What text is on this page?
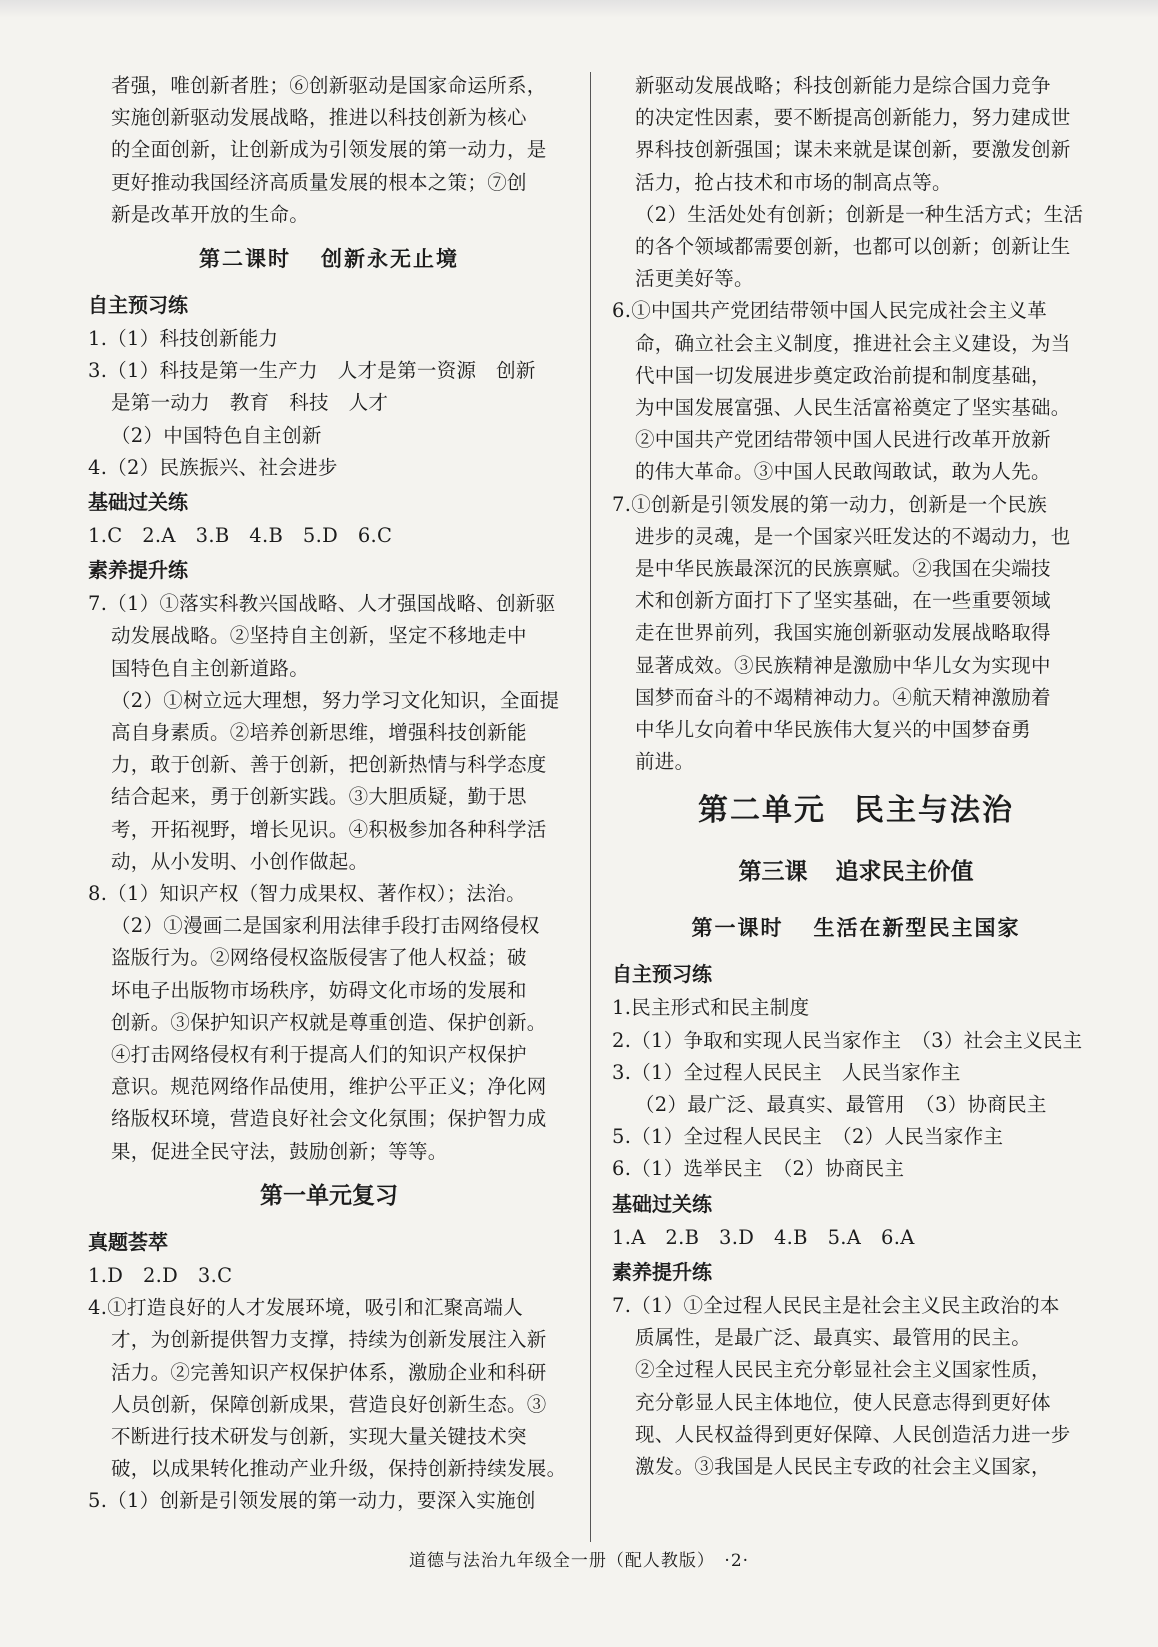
者强，唯创新者胜；⑥创新驱动是国家命运所系，
实施创新驱动发展战略，推进以科技创新为核心
的全面创新，让创新成为引领发展的第一动力，是
更好推动我国经济高质量发展的根本之策；⑦创
新是改革开放的生命。
第二课时 创新永无止境
自主预习练
1.（1）科技创新能力
3.（1）科技是第一生产力　人才是第一资源　创新
是第一动力　教育　科技　人才
（2）中国特色自主创新
4.（2）民族振兴、社会进步
基础过关练
1.C　2.A　3.B　4.B　5.D　6.C
素养提升练
7.（1）①落实科教兴国战略、人才强国战略、创新驱
动发展战略。②坚持自主创新，坚定不移地走中
国特色自主创新道路。
（2）①树立远大理想，努力学习文化知识，全面提
高自身素质。②培养创新思维，增强科技创新能
力，敢于创新、善于创新，把创新热情与科学态度
结合起来，勇于创新实践。③大胆质疑，勤于思
考，开拓视野，增长见识。④积极参加各种科学活
动，从小发明、小创作做起。
8.（1）知识产权（智力成果权、著作权）；法治。
（2）①漫画二是国家利用法律手段打击网络侵权
盗版行为。②网络侵权盗版侵害了他人权益；破
坏电子出版物市场秩序，妨碍文化市场的发展和
创新。③保护知识产权就是尊重创造、保护创新。
④打击网络侵权有利于提高人们的知识产权保护
意识。规范网络作品使用，维护公平正义；净化网
络版权环境，营造良好社会文化氛围；保护智力成
果，促进全民守法，鼓励创新；等等。
第一单元复习
真题荟萃
1.D　2.D　3.C
4.①打造良好的人才发展环境，吸引和汇聚高端人
才，为创新提供智力支撑，持续为创新发展注入新
活力。②完善知识产权保护体系，激励企业和科研
人员创新，保障创新成果，营造良好创新生态。③
不断进行技术研发与创新，实现大量关键技术突
破，以成果转化推动产业升级，保持创新持续发展。
5.（1）创新是引领发展的第一动力，要深入实施创
新驱动发展战略；科技创新能力是综合国力竞争
的决定性因素，要不断提高创新能力，努力建成世
界科技创新强国；谋未来就是谋创新，要激发创新
活力，抢占技术和市场的制高点等。
（2）生活处处有创新；创新是一种生活方式；生活
的各个领域都需要创新，也都可以创新；创新让生
活更美好等。
6.①中国共产党团结带领中国人民完成社会主义革
命，确立社会主义制度，推进社会主义建设，为当
代中国一切发展进步奠定政治前提和制度基础，
为中国发展富强、人民生活富裕奠定了坚实基础。
②中国共产党团结带领中国人民进行改革开放新
的伟大革命。③中国人民敢闯敢试，敢为人先。
7.①创新是引领发展的第一动力，创新是一个民族
进步的灵魂，是一个国家兴旺发达的不竭动力，也
是中华民族最深沉的民族禀赋。②我国在尖端技
术和创新方面打下了坚实基础，在一些重要领域
走在世界前列，我国实施创新驱动发展战略取得
显著成效。③民族精神是激励中华儿女为实现中
国梦而奋斗的不竭精神动力。④航天精神激励着
中华儿女向着中华民族伟大复兴的中国梦奋勇
前进。
第二单元 民主与法治
第三课 追求民主价值
第一课时 生活在新型民主国家
自主预习练
1.民主形式和民主制度
2.（1）争取和实现人民当家作主　（3）社会主义民主
3.（1）全过程人民民主　人民当家作主
（2）最广泛、最真实、最管用　（3）协商民主
5.（1）全过程人民民主　（2）人民当家作主
6.（1）选举民主　（2）协商民主
基础过关练
1.A　2.B　3.D　4.B　5.A　6.A
素养提升练
7.（1）①全过程人民民主是社会主义民主政治的本
质属性，是最广泛、最真实、最管用的民主。
②全过程人民民主充分彰显社会主义国家性质，
充分彰显人民主体地位，使人民意志得到更好体
现、人民权益得到更好保障、人民创造活力进一步
激发。③我国是人民民主专政的社会主义国家，
道德与法治九年级全一册（配人教版）　·2·
